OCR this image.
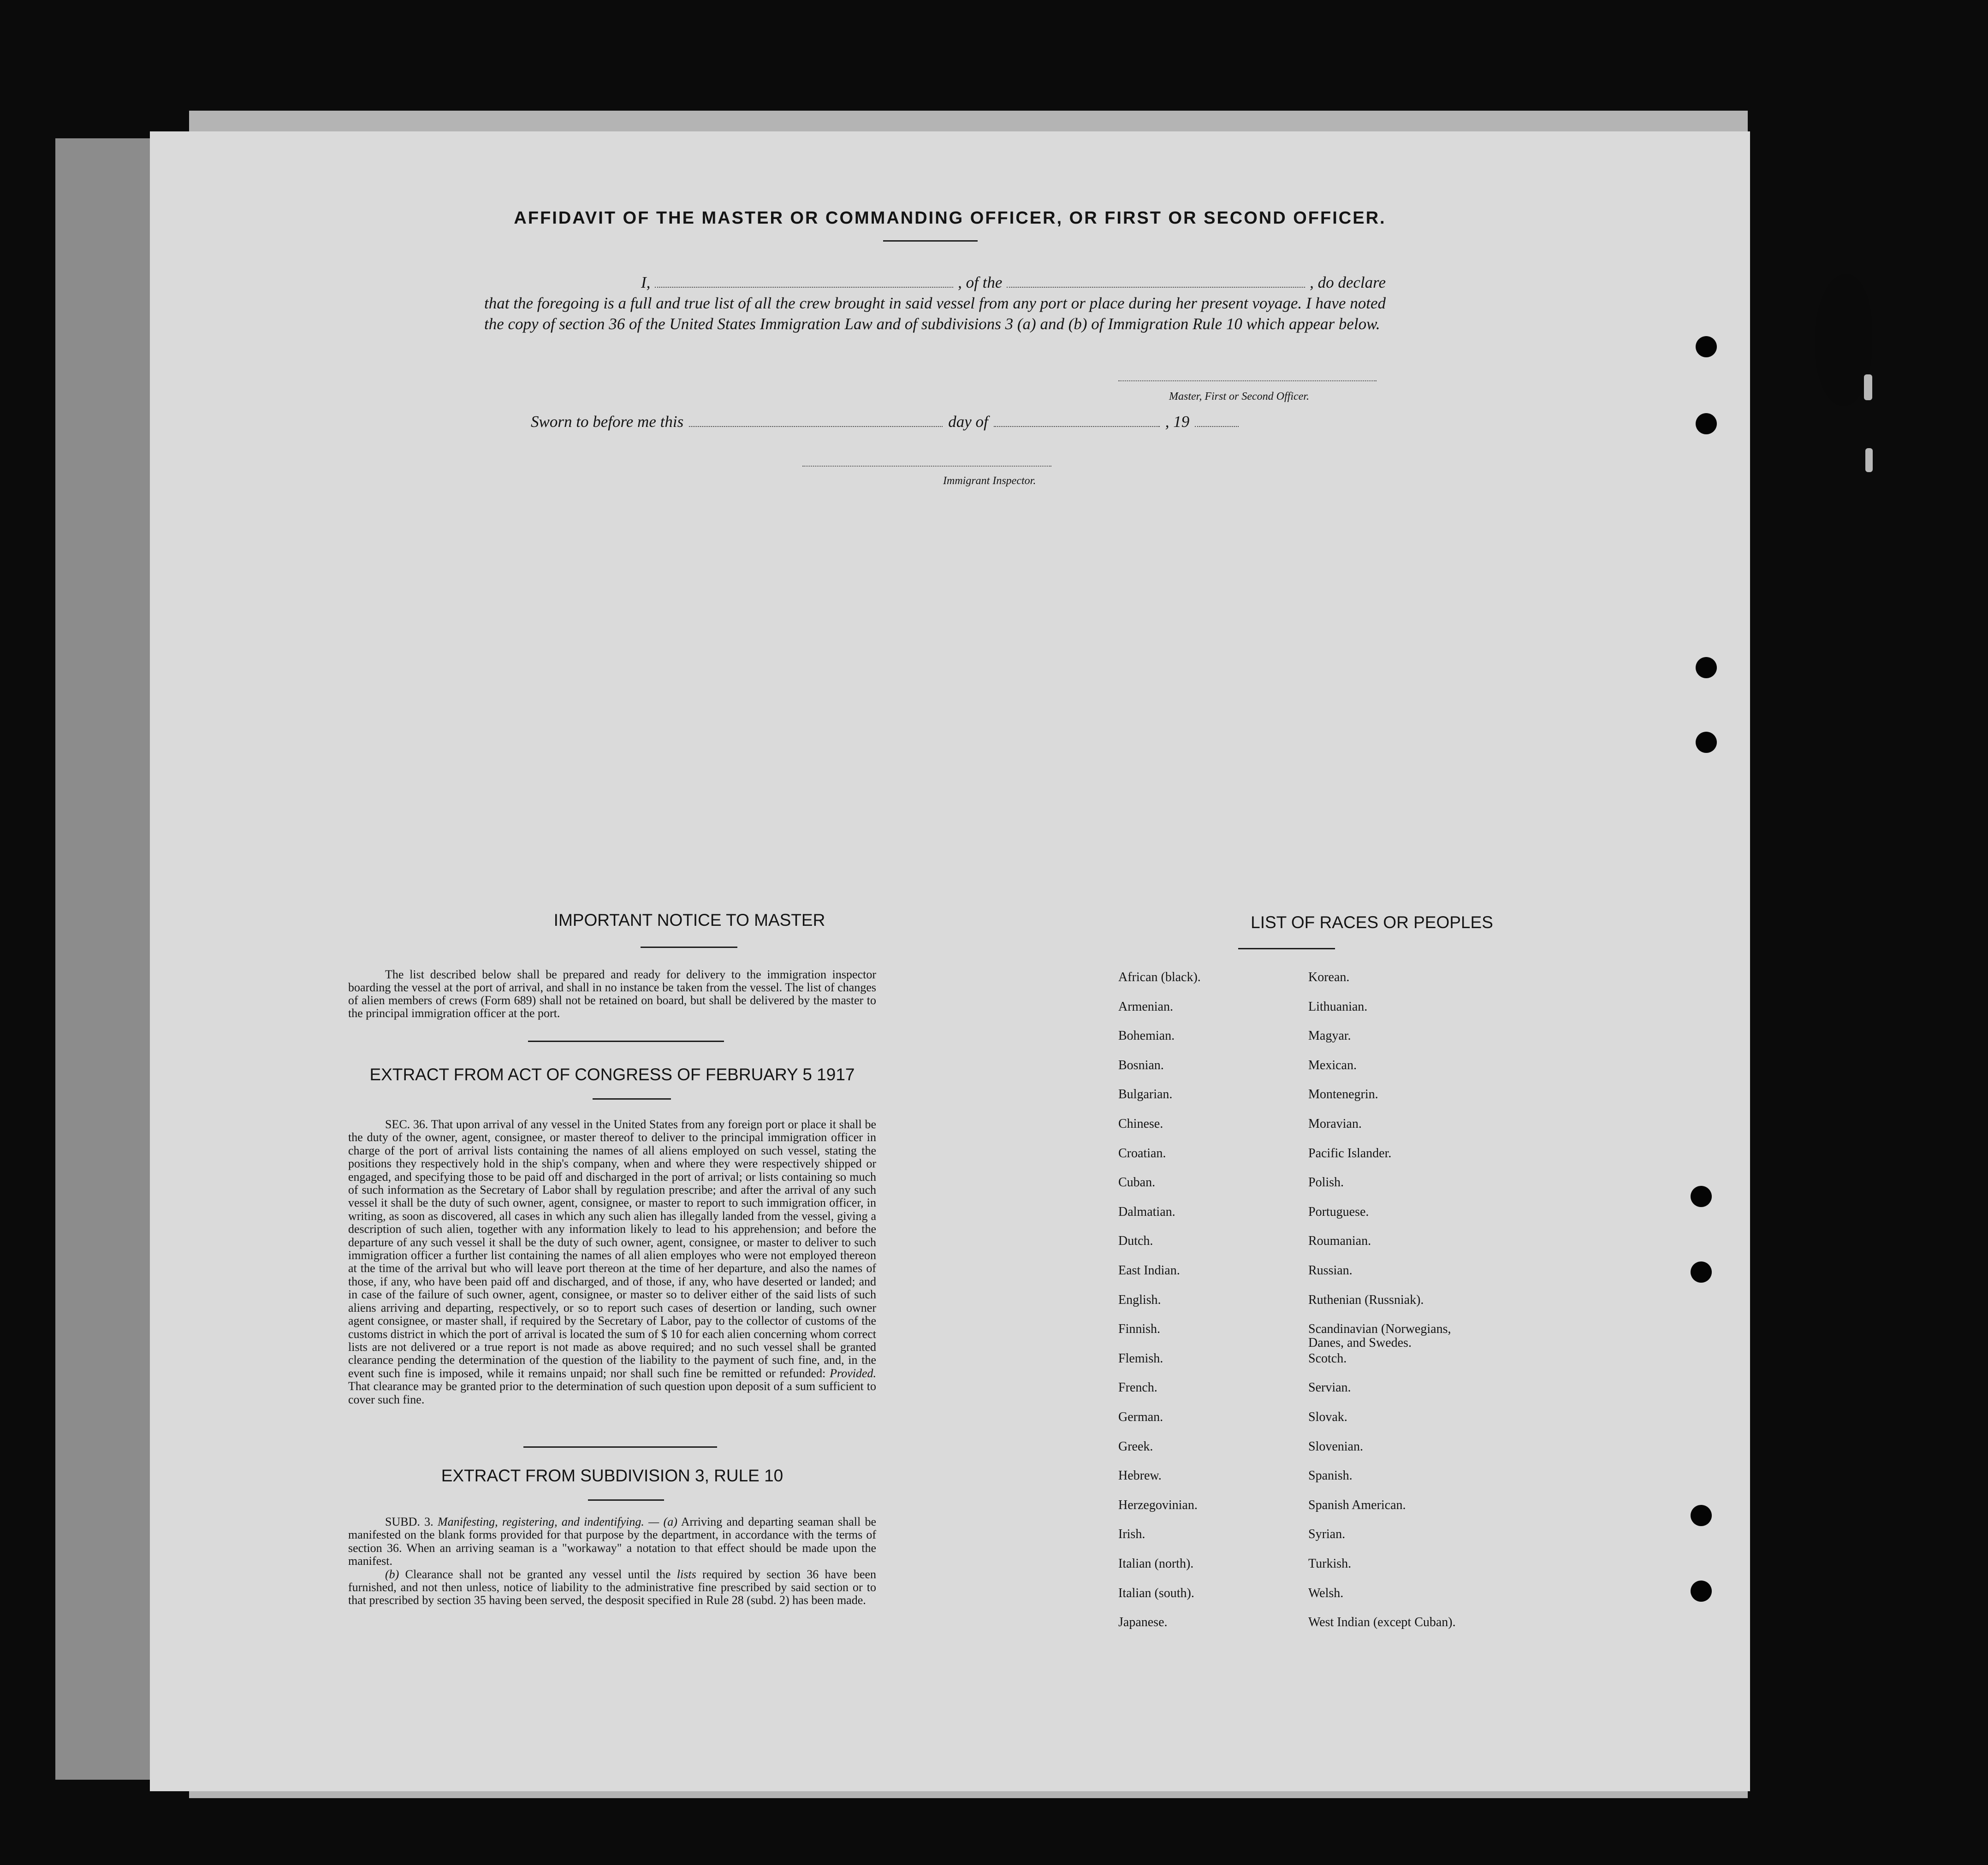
AFFIDAVIT OF THE MASTER OR COMMANDING OFFICER, OR FIRST OR SECOND OFFICER.
I,	, of the	, do declare
that the foregoing is a full and true list of all the crew brought in said vessel from any port or place during her present voyage. I have noted the copy of section 36 of the United States Immigration Law and of subdivisions 3 (a) and (b) of Immigration Rule 10 which appear below.
Master, First or Second Officer.
Sworn to before me this	day of	, 19
Immigrant Inspector.
IMPORTANT NOTICE TO MASTER
The list described below shall be prepared and ready for delivery to the immigration inspector boarding the vessel at the port of arrival, and shall in no instance be taken from the vessel. The list of changes of alien members of crews (Form 689) shall not be retained on board, but shall be delivered by the master to the principal immigration officer at the port.
EXTRACT FROM ACT OF CONGRESS OF FEBRUARY 5 1917
SEC. 36. That upon arrival of any vessel in the United States from any foreign port or place it shall be the duty of the owner, agent, consignee, or master thereof to deliver to the principal immigration officer in charge of the port of arrival lists containing the names of all aliens employed on such vessel, stating the positions they respectively hold in the ship's company, when and where they were respectively shipped or engaged, and specifying those to be paid off and discharged in the port of arrival; or lists containing so much of such information as the Secretary of Labor shall by regulation prescribe; and after the arrival of any such vessel it shall be the duty of such owner, agent, consignee, or master to report to such immigration officer, in writing, as soon as discovered, all cases in which any such alien has illegally landed from the vessel, giving a description of such alien, together with any information likely to lead to his apprehension; and before the departure of any such vessel it shall be the duty of such owner, agent, consignee, or master to deliver to such immigration officer a further list containing the names of all alien employes who were not employed thereon at the time of the arrival but who will leave port thereon at the time of her departure, and also the names of those, if any, who have been paid off and discharged, and of those, if any, who have deserted or landed; and in case of the failure of such owner, agent, consignee, or master so to deliver either of the said lists of such aliens arriving and departing, respectively, or so to report such cases of desertion or landing, such owner agent consignee, or master shall, if required by the Secretary of Labor, pay to the collector of customs of the customs district in which the port of arrival is located the sum of $ 10 for each alien concerning whom correct lists are not delivered or a true report is not made as above required; and no such vessel shall be granted clearance pending the determination of the question of the liability to the payment of such fine, and, in the event such fine is imposed, while it remains unpaid; nor shall such fine be remitted or refunded: Provided. That clearance may be granted prior to the determination of such question upon deposit of a sum sufficient to cover such fine.
EXTRACT FROM SUBDIVISION 3, RULE 10

SUBD. 3. Manifesting, registering, and indentifying. — (a) Arriving and departing seaman shall be manifested on the blank forms provided for that purpose by the department, in accordance with the terms of section 36. When an arriving seaman is a "workaway" a notation to that effect should be made upon the manifest.

(b) Clearance shall not be granted any vessel until the lists required by section 36 have been furnished, and not then unless, notice of liability to the administrative fine prescribed by said section or to that prescribed by section 35 having been served, the desposit specified in Rule 28 (subd. 2) has been made.

LIST OF RACES OR PEOPLES
African (black).
Armenian.
Bohemian.
Bosnian.
Bulgarian.
Chinese.
Croatian.
Cuban.
Dalmatian.
Dutch.
East Indian.
English.
Finnish.
Flemish.
French.
German.
Greek.
Hebrew.
Herzegovinian.
Irish.
Italian (north).
Italian (south).
Japanese.
Korean.
Lithuanian.
Magyar.
Mexican.
Montenegrin.
Moravian.
Pacific Islander.
Polish.
Portuguese.
Roumanian.
Russian.
Ruthenian (Russniak).
Scandinavian (Norwegians, Danes, and Swedes.
Scotch.
Servian.
Slovak.
Slovenian.
Spanish.
Spanish American.
Syrian.
Turkish.
Welsh.
West Indian (except Cuban).
